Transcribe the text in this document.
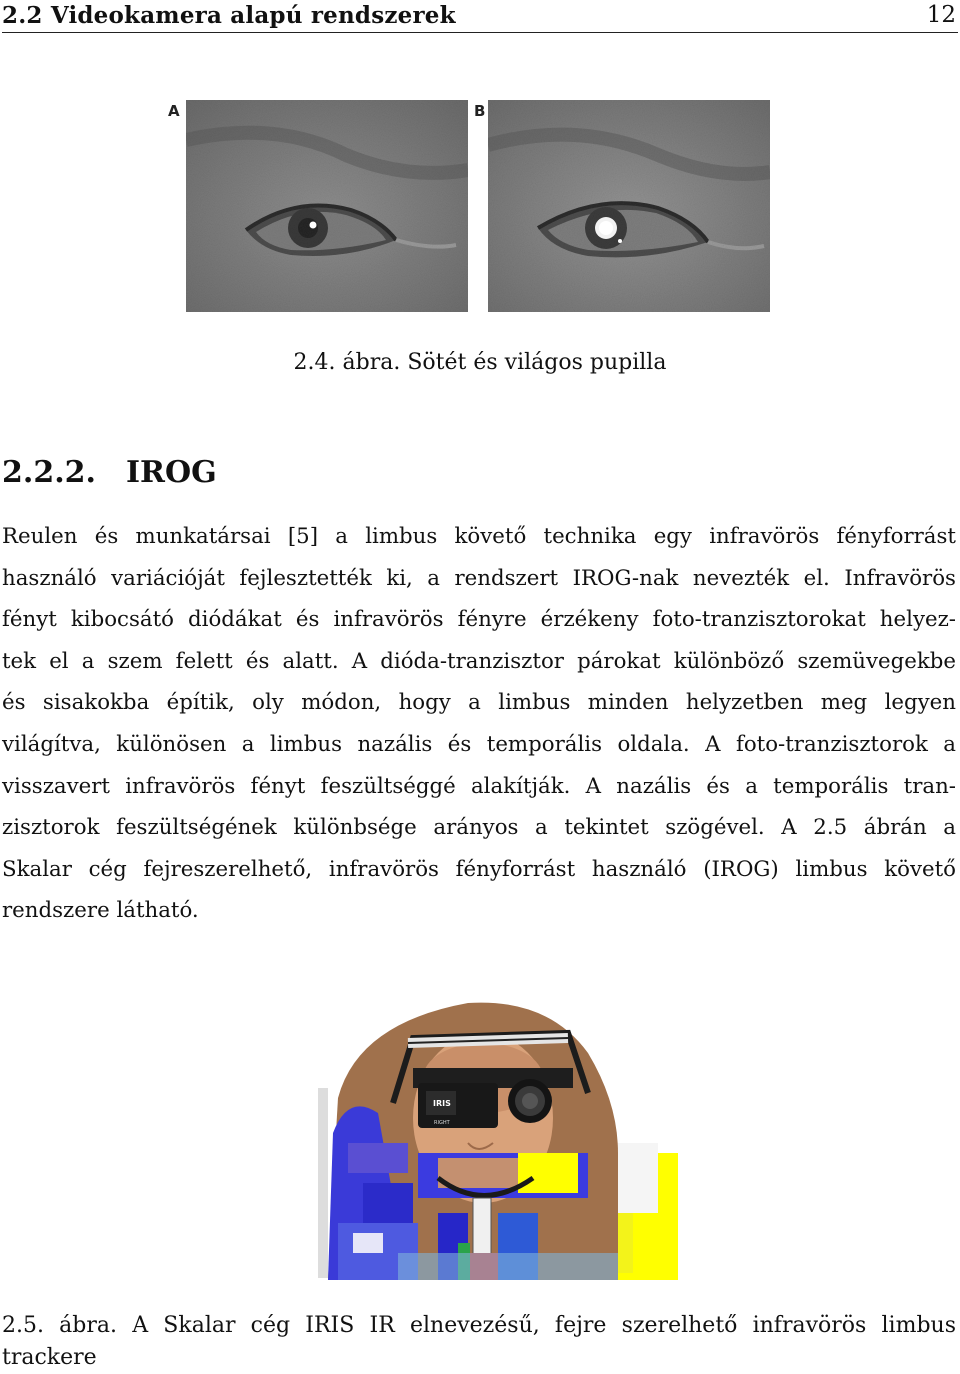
2.2 Videokamera alapú rendszerek	12
A	B
2.4. ábra. Sötét és világos pupilla
2.2.2. IROG
Reulen és munkatársai [5] a limbus követő technika egy infravörös fényforrást
használó variációját fejlesztették ki, a rendszert IROG-nak nevezték el. Infravörös
fényt kibocsátó diódákat és infravörös fényre érzékeny foto-tranzisztorokat helyez-
tek el a szem felett és alatt. A dióda-tranzisztor párokat különböző szemüvegekbe
és sisakokba építik, oly módon, hogy a limbus minden helyzetben meg legyen
világítva, különösen a limbus nazális és temporális oldala. A foto-tranzisztorok a
visszavert infravörös fényt feszültséggé alakítják. A nazális és a temporális tran-
zisztorok feszültségének különbsége arányos a tekintet szögével. A 2.5 ábrán a
Skalar cég fejreszerelhető, infravörös fényforrást használó (IROG) limbus követő
rendszere látható.
IRIS
RIGHT
2.5. ábra. A Skalar cég IRIS IR elnevezésű, fejre szerelhető infravörös limbus
trackere
